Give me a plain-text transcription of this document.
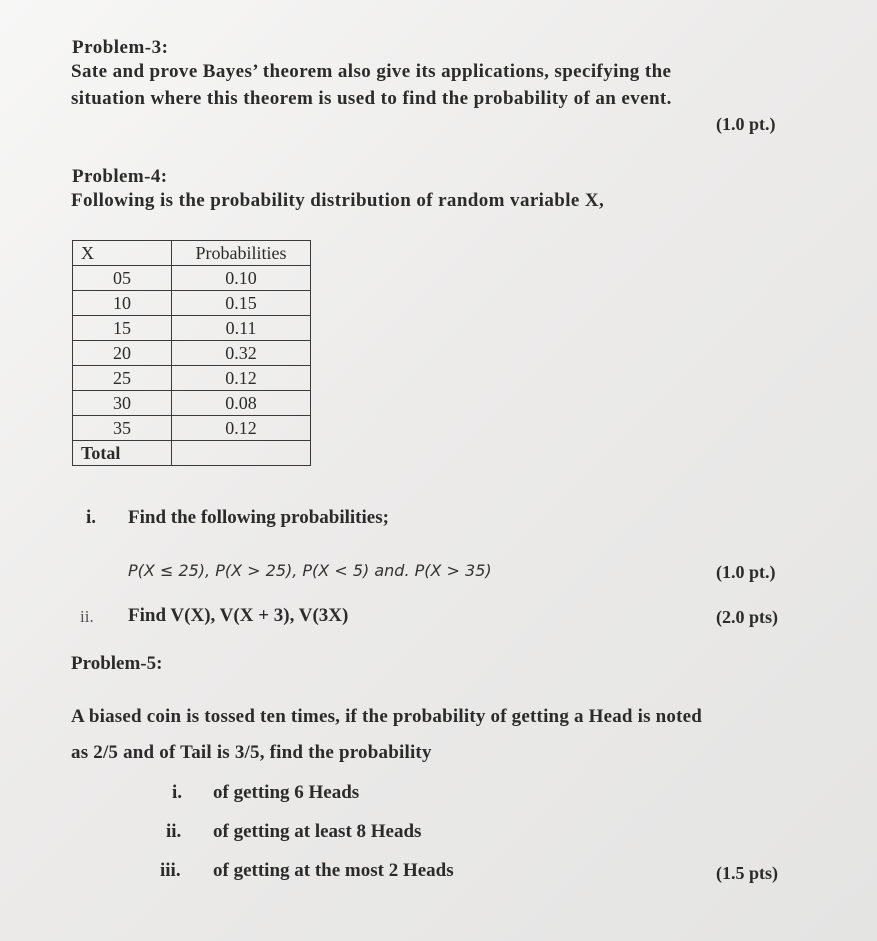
Problem-3:
Sate and prove Bayes’ theorem also give its applications, specifying the
situation where this theorem is used to find the probability of an event.
(1.0 pt.)
Problem-4:
Following is the probability distribution of random variable X,
X	Probabilities
05	0.10
10	0.15
15	0.11
20	0.32
25	0.12
30	0.08
35	0.12
Total	
i. Find the following probabilities;
P(X ≤ 25), P(X > 25), P(X < 5) and. P(X > 35)	(1.0 pt.)
ii. Find V(X), V(X + 3), V(3X)	(2.0 pts)
Problem-5:
A biased coin is tossed ten times, if the probability of getting a Head is noted
as 2/5 and of Tail is 3/5, find the probability
i. of getting 6 Heads
ii. of getting at least 8 Heads
iii. of getting at the most 2 Heads	(1.5 pts)
